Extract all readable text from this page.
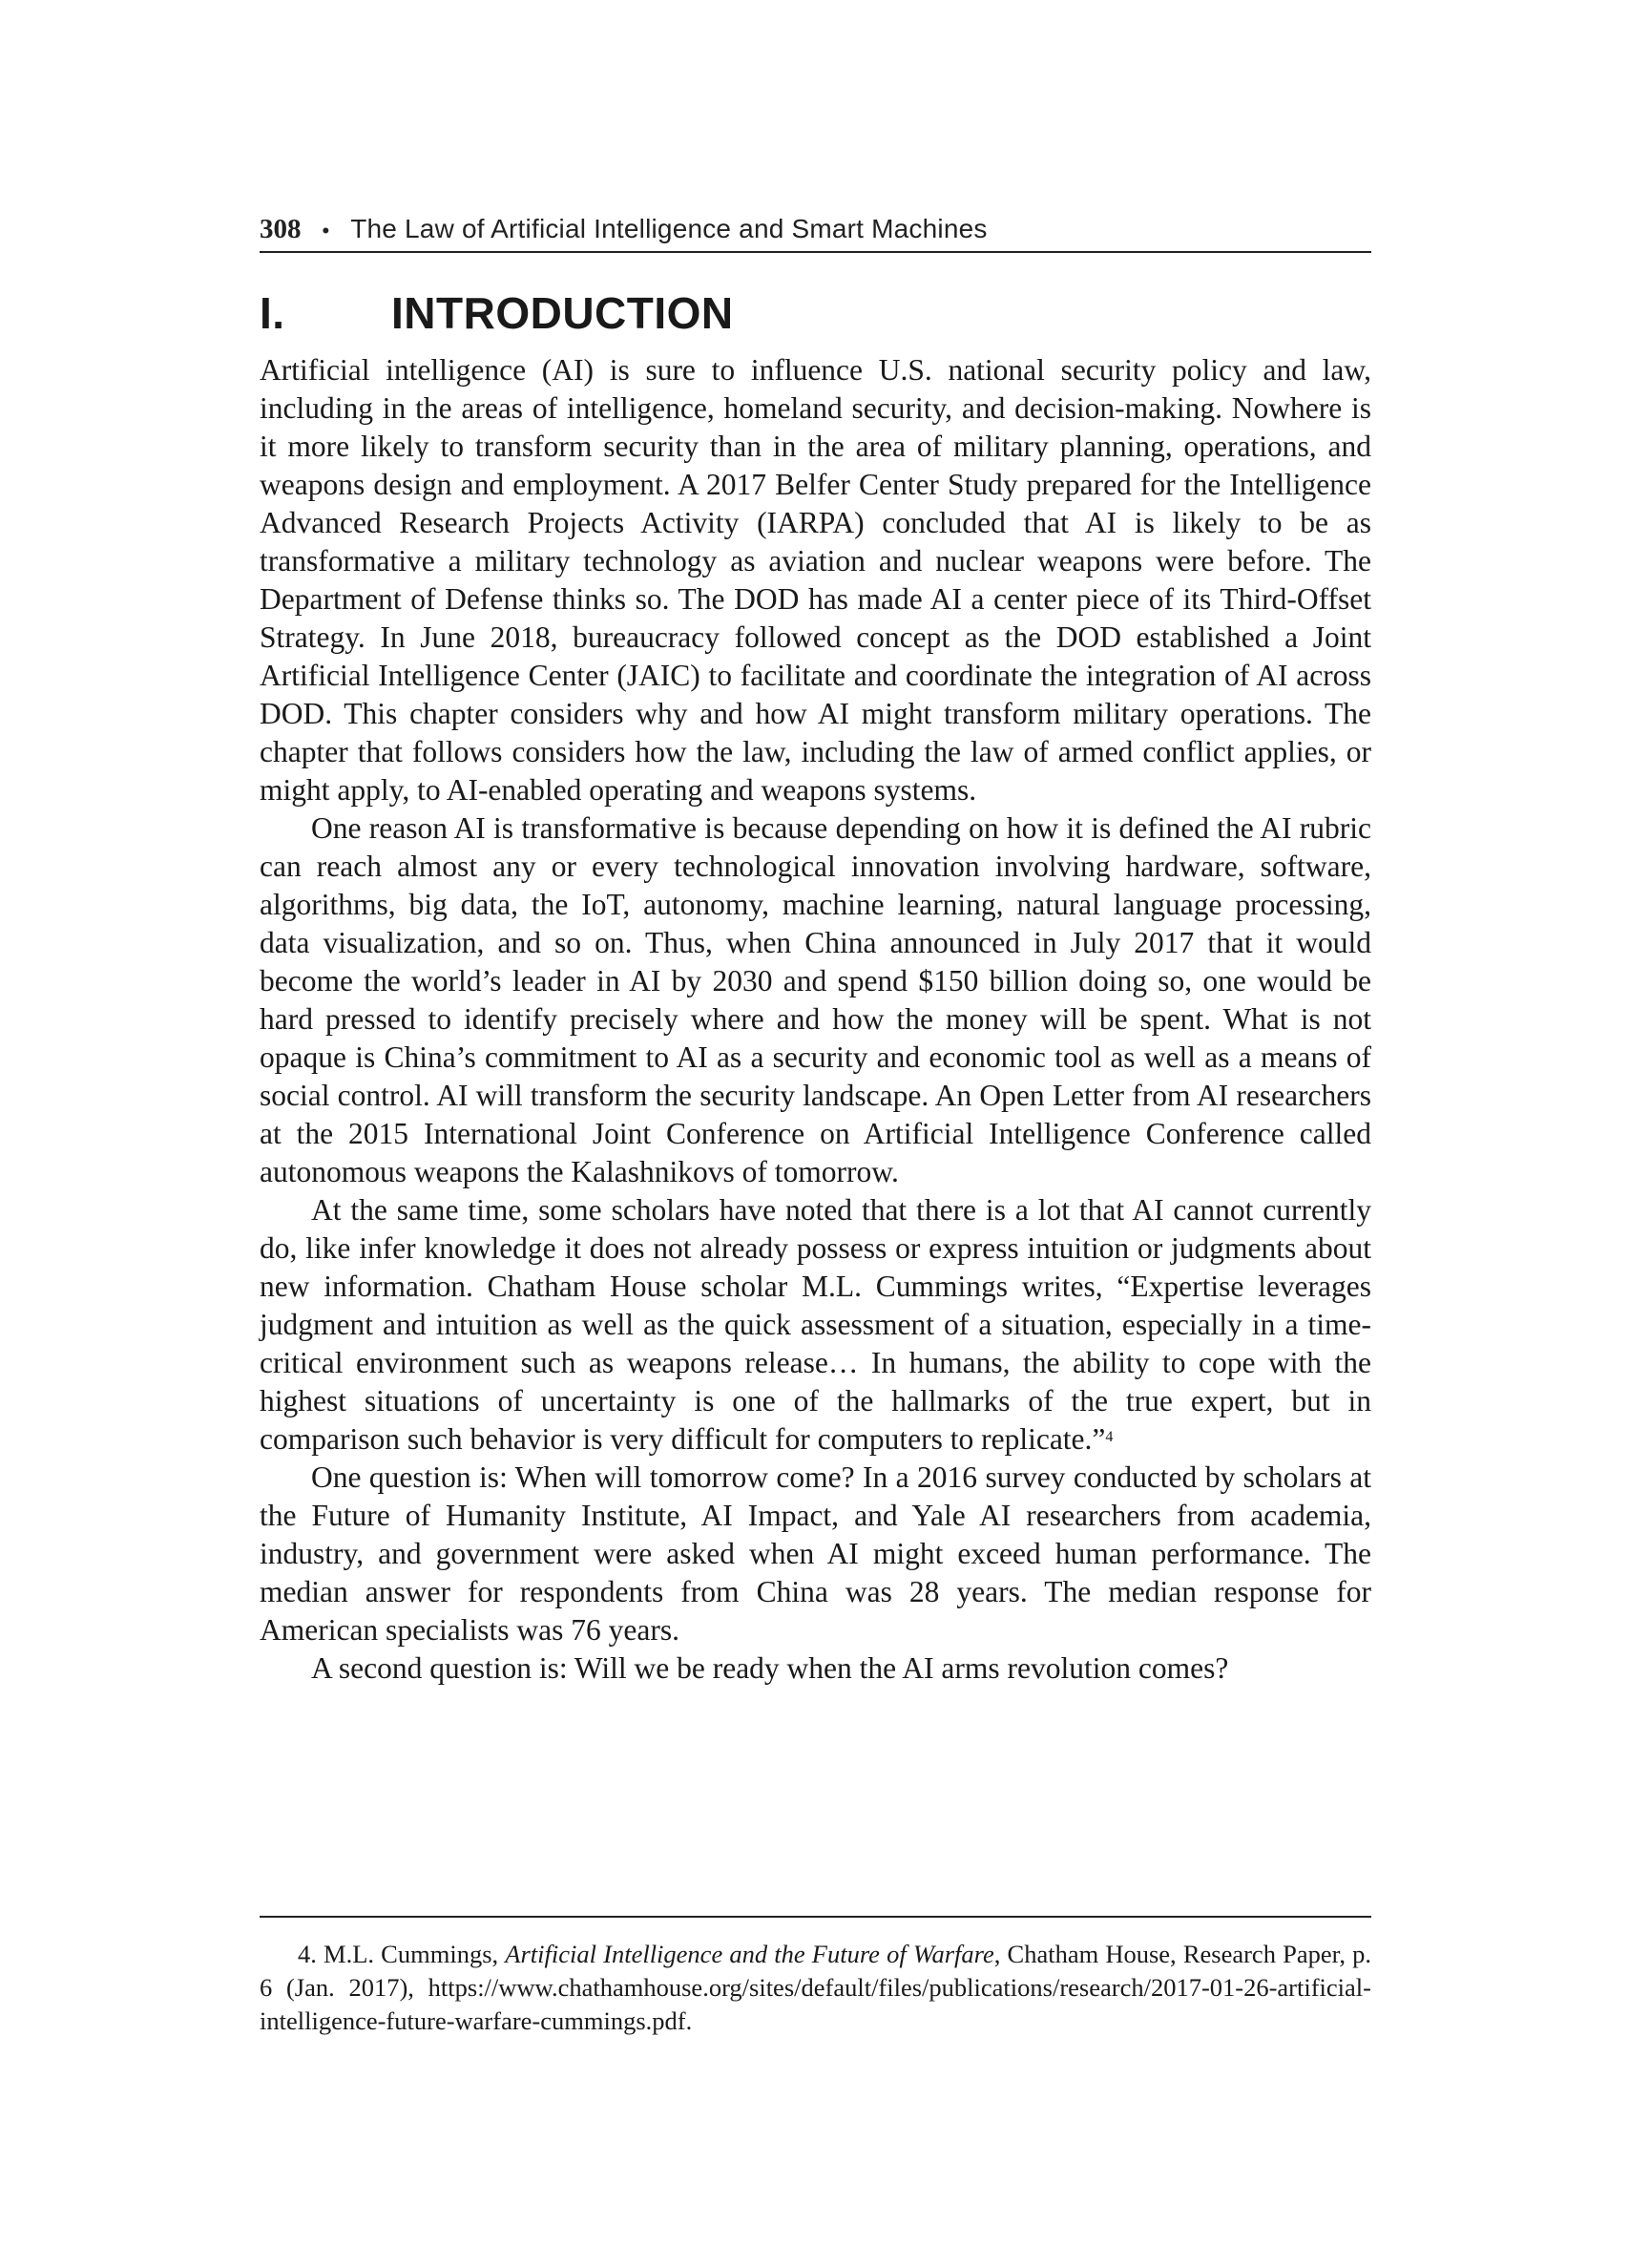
308 • The Law of Artificial Intelligence and Smart Machines
I.	INTRODUCTION

Artificial intelligence (AI) is sure to influence U.S. national security policy and law, including in the areas of intelligence, homeland security, and decision-making. Nowhere is it more likely to transform security than in the area of military planning, operations, and weapons design and employment. A 2017 Belfer Center Study prepared for the Intelligence Advanced Research Projects Activity (IARPA) concluded that AI is likely to be as transformative a military technology as aviation and nuclear weapons were before. The Department of Defense thinks so. The DOD has made AI a center piece of its Third-Offset Strategy. In June 2018, bureaucracy followed concept as the DOD established a Joint Artificial Intelligence Center (JAIC) to facilitate and coordinate the integration of AI across DOD. This chapter considers why and how AI might transform military operations. The chapter that follows considers how the law, including the law of armed conflict applies, or might apply, to AI-enabled operating and weapons systems.

One reason AI is transformative is because depending on how it is defined the AI rubric can reach almost any or every technological innovation involving hardware, software, algorithms, big data, the IoT, autonomy, machine learning, natural language processing, data visualization, and so on. Thus, when China announced in July 2017 that it would become the world’s leader in AI by 2030 and spend $150 billion doing so, one would be hard pressed to identify precisely where and how the money will be spent. What is not opaque is China’s commitment to AI as a security and economic tool as well as a means of social control. AI will transform the security landscape. An Open Letter from AI researchers at the 2015 International Joint Conference on Artificial Intelligence Conference called autonomous weapons the Kalashnikovs of tomorrow.

At the same time, some scholars have noted that there is a lot that AI cannot currently do, like infer knowledge it does not already possess or express intuition or judgments about new information. Chatham House scholar M.L. Cummings writes, “Expertise leverages judgment and intuition as well as the quick assessment of a situation, especially in a time-critical environment such as weapons release… In humans, the ability to cope with the highest situations of uncertainty is one of the hallmarks of the true expert, but in comparison such behavior is very difficult for computers to replicate.”$^4$

One question is: When will tomorrow come? In a 2016 survey conducted by scholars at the Future of Humanity Institute, AI Impact, and Yale AI researchers from academia, industry, and government were asked when AI might exceed human performance. The median answer for respondents from China was 28 years. The median response for American specialists was 76 years.

A second question is: Will we be ready when the AI arms revolution comes?

4. M.L. Cummings, Artificial Intelligence and the Future of Warfare, Chatham House, Research Paper, p. 6 (Jan. 2017), https://www.chathamhouse.org/sites/default/files/publications/research/2017-01-26-artificial-intelligence-future-warfare-cummings.pdf.
